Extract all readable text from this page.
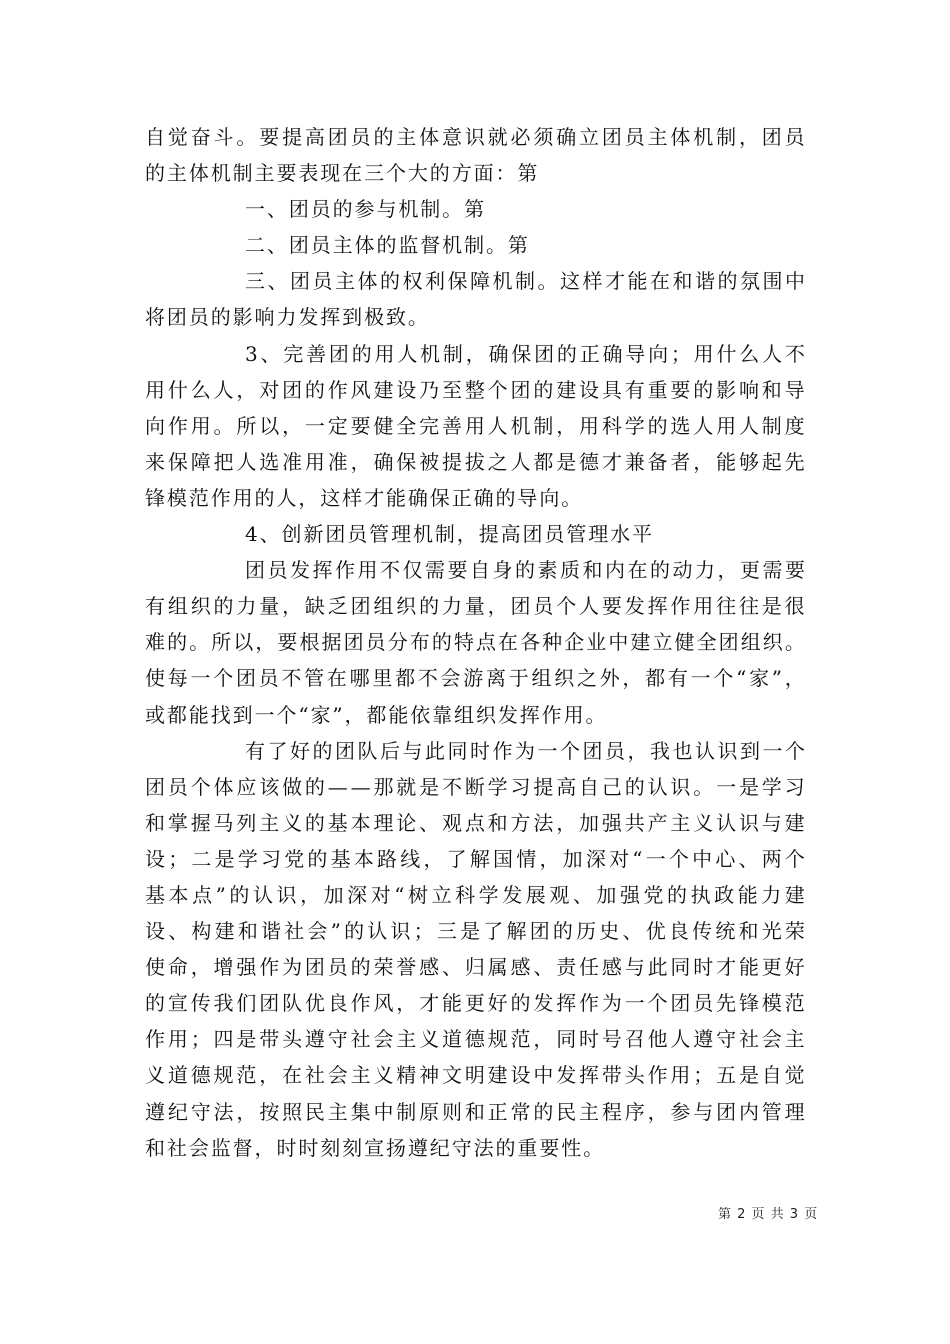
自 觉 奋 斗 。 要 提 高 团 员 的 主 体 意 识 就 必 须 确 立 团 员 主 体 机 制 ， 团 员
的 主 体 机 制 主 要 表 现 在 三 个 大 的 方 面 ： 第
一 、 团 员 的 参 与 机 制 。 第
二 、 团 员 主 体 的 监 督 机 制 。 第
三 、 团 员 主 体 的 权 利 保 障 机 制 。 这 样 才 能 在 和 谐 的 氛 围 中
将 团 员 的 影 响 力 发 挥 到 极 致 。
3 、 完 善 团 的 用 人 机 制 ， 确 保 团 的 正 确 导 向 ； 用 什 么 人 不
用 什 么 人 ， 对 团 的 作 风 建 设 乃 至 整 个 团 的 建 设 具 有 重 要 的 影 响 和 导
向 作 用 。 所 以 ， 一 定 要 健 全 完 善 用 人 机 制 ， 用 科 学 的 选 人 用 人 制 度
来 保 障 把 人 选 准 用 准 ， 确 保 被 提 拔 之 人 都 是 德 才 兼 备 者 ， 能 够 起 先
锋 模 范 作 用 的 人 ， 这 样 才 能 确 保 正 确 的 导 向 。
4 、 创 新 团 员 管 理 机 制 ， 提 高 团 员 管 理 水 平
团 员 发 挥 作 用 不 仅 需 要 自 身 的 素 质 和 内 在 的 动 力 ， 更 需 要
有 组 织 的 力 量 ， 缺 乏 团 组 织 的 力 量 ， 团 员 个 人 要 发 挥 作 用 往 往 是 很
难 的 。 所 以 ， 要 根 据 团 员 分 布 的 特 点 在 各 种 企 业 中 建 立 健 全 团 组 织 。
使 每 一 个 团 员 不 管 在 哪 里 都 不 会 游 离 于 组 织 之 外 ， 都 有 一 个 “ 家 ” ，
或 都 能 找 到 一 个 “ 家 ” ， 都 能 依 靠 组 织 发 挥 作 用 。
有 了 好 的 团 队 后 与 此 同 时 作 为 一 个 团 员 ， 我 也 认 识 到 一 个
团 员 个 体 应 该 做 的 — — 那 就 是 不 断 学 习 提 高 自 己 的 认 识 。 一 是 学 习
和 掌 握 马 列 主 义 的 基 本 理 论 、 观 点 和 方 法 ， 加 强 共 产 主 义 认 识 与 建
设 ； 二 是 学 习 党 的 基 本 路 线 ， 了 解 国 情 ， 加 深 对 “ 一 个 中 心 、 两 个
基 本 点 ” 的 认 识 ， 加 深 对 “ 树 立 科 学 发 展 观 、 加 强 党 的 执 政 能 力 建
设 、 构 建 和 谐 社 会 ” 的 认 识 ； 三 是 了 解 团 的 历 史 、 优 良 传 统 和 光 荣
使 命 ， 增 强 作 为 团 员 的 荣 誉 感 、 归 属 感 、 责 任 感 与 此 同 时 才 能 更 好
的 宣 传 我 们 团 队 优 良 作 风 ， 才 能 更 好 的 发 挥 作 为 一 个 团 员 先 锋 模 范
作 用 ； 四 是 带 头 遵 守 社 会 主 义 道 德 规 范 ， 同 时 号 召 他 人 遵 守 社 会 主
义 道 德 规 范 ， 在 社 会 主 义 精 神 文 明 建 设 中 发 挥 带 头 作 用 ； 五 是 自 觉
遵 纪 守 法 ， 按 照 民 主 集 中 制 原 则 和 正 常 的 民 主 程 序 ， 参 与 团 内 管 理
和 社 会 监 督 ， 时 时 刻 刻 宣 扬 遵 纪 守 法 的 重 要 性 。
第 2 页 共 3 页
